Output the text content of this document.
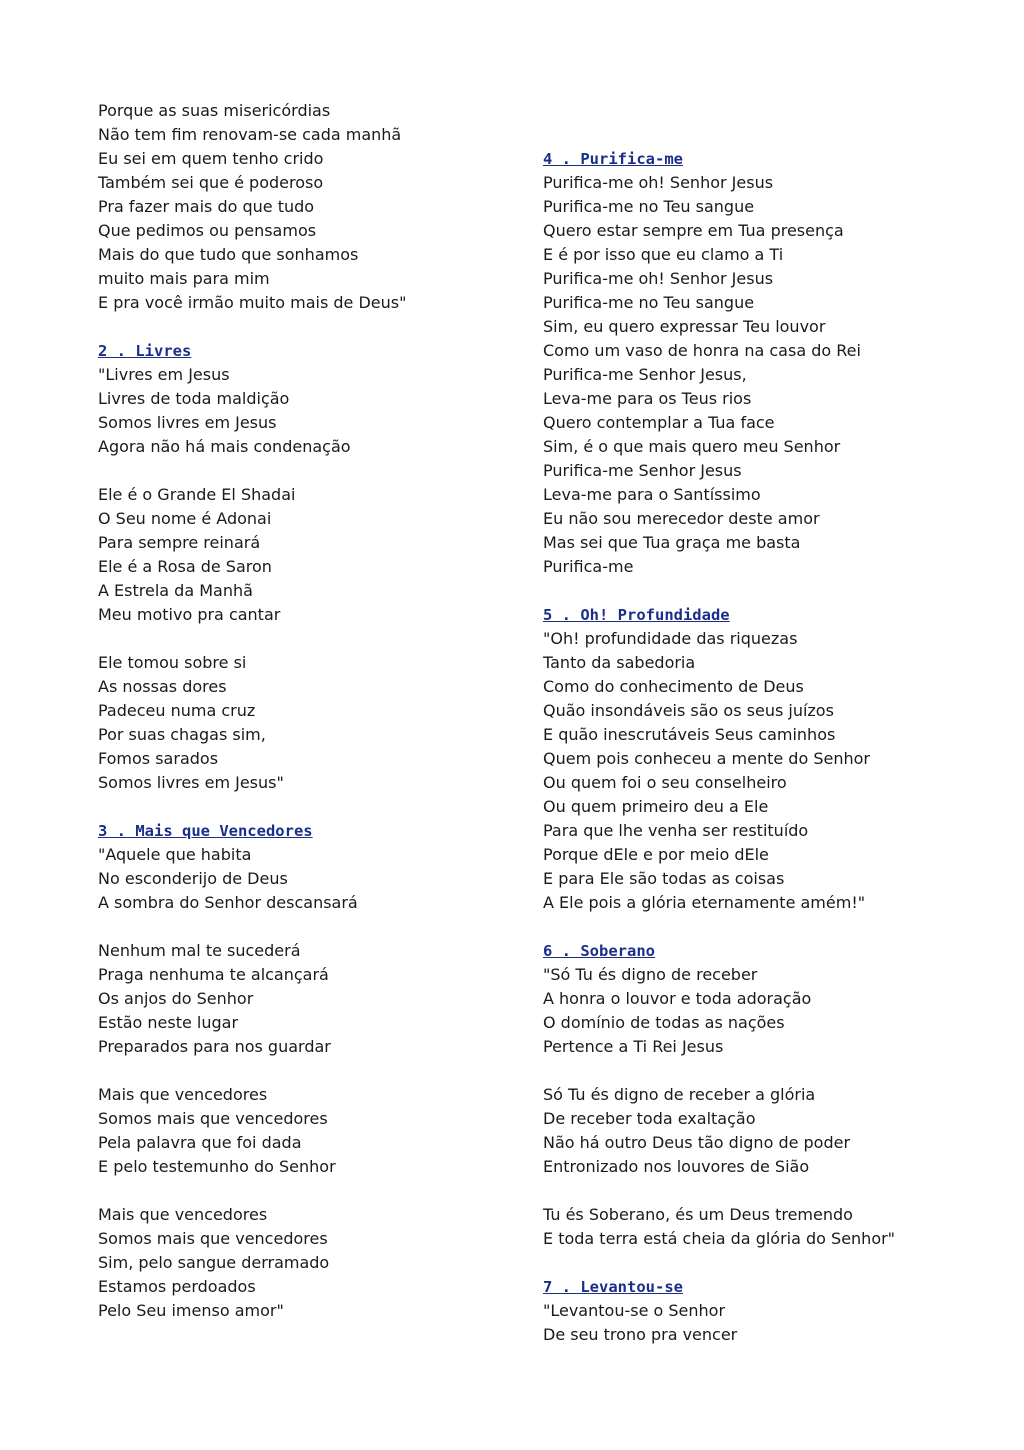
Porque as suas misericórdias
Não tem fim renovam-se cada manhã
Eu sei em quem tenho crido
Também sei que é poderoso
Pra fazer mais do que tudo
Que pedimos ou pensamos
Mais do que tudo que sonhamos
muito mais para mim
E pra você irmão muito mais de Deus"
2 . Livres
"Livres em Jesus
Livres de toda maldição
Somos livres em Jesus
Agora não há mais condenação
Ele é o Grande El Shadai
O Seu nome é Adonai
Para sempre reinará
Ele é a Rosa de Saron
A Estrela da Manhã
Meu motivo pra cantar
Ele tomou sobre si
As nossas dores
Padeceu numa cruz
Por suas chagas sim,
Fomos sarados
Somos livres em Jesus"
3 . Mais que Vencedores
"Aquele que habita
No esconderijo de Deus
A sombra do Senhor descansará
Nenhum mal te sucederá
Praga nenhuma te alcançará
Os anjos do Senhor
Estão neste lugar
Preparados para nos guardar
Mais que vencedores
Somos mais que vencedores
Pela palavra que foi dada
E pelo testemunho do Senhor
Mais que vencedores
Somos mais que vencedores
Sim, pelo sangue derramado
Estamos perdoados
Pelo Seu imenso amor"
4 . Purifica-me
Purifica-me oh! Senhor Jesus
Purifica-me no Teu sangue
Quero estar sempre em Tua presença
E é por isso que eu clamo a Ti
Purifica-me oh! Senhor Jesus
Purifica-me no Teu sangue
Sim, eu quero expressar Teu louvor
Como um vaso de honra na casa do Rei
Purifica-me Senhor Jesus,
Leva-me para os Teus rios
Quero contemplar a Tua face
Sim, é o que mais quero meu Senhor
Purifica-me Senhor Jesus
Leva-me para o Santíssimo
Eu não sou merecedor deste amor
Mas sei que Tua graça me basta
Purifica-me
5 . Oh! Profundidade
"Oh! profundidade das riquezas
Tanto da sabedoria
Como do conhecimento de Deus
Quão insondáveis são os seus juízos
E quão inescrutáveis Seus caminhos
Quem pois conheceu a mente do Senhor
Ou quem foi o seu conselheiro
Ou quem primeiro deu a Ele
Para que lhe venha ser restituído
Porque dEle e por meio dEle
E para Ele são todas as coisas
A Ele pois a glória eternamente amém!"
6 . Soberano
"Só Tu és digno de receber
A honra o louvor e toda adoração
O domínio de todas as nações
Pertence a Ti Rei Jesus
Só Tu és digno de receber a glória
De receber toda exaltação
Não há outro Deus tão digno de poder
Entronizado nos louvores de Sião
Tu és Soberano, és um Deus tremendo
E toda terra está cheia da glória do Senhor"
7 . Levantou-se
"Levantou-se o Senhor
De seu trono pra vencer
